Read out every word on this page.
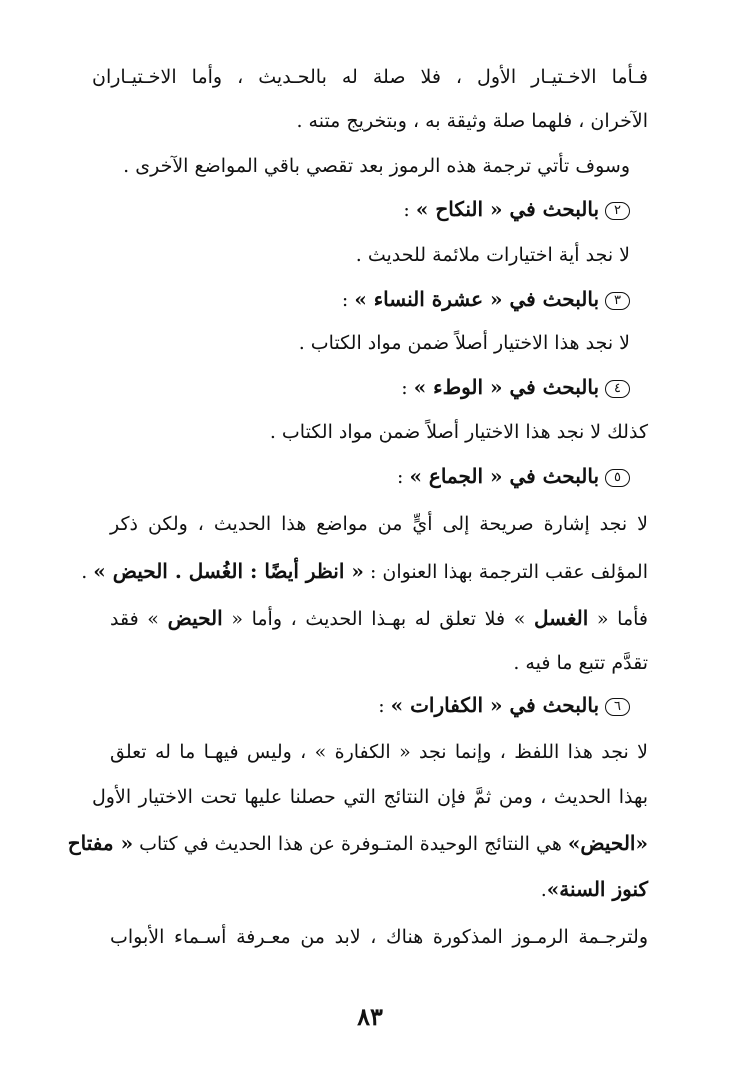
فـأما الاخـتيـار الأول ، فلا صلة له بالحـديث ، وأما الاخـتيـاران
الآخران ، فلهما صلة وثيقة به ، وبتخريج متنه .
وسوف تأتي ترجمة هذه الرموز بعد تقصي باقي المواضع الآخرى .
٢بالبحث في « النكاح » :
لا نجد أية اختيارات ملائمة للحديث .
٣بالبحث في « عشرة النساء » :
لا نجد هذا الاختيار أصلاً ضمن مواد الكتاب .
٤بالبحث في « الوطء » :
كذلك لا نجد هذا الاختيار أصلاً ضمن مواد الكتاب .
٥بالبحث في « الجماع » :
لا نجد إشارة صريحة إلى أيٍّ من مواضع هذا الحديث ، ولكن ذكر
المؤلف عقب الترجمة بهذا العنوان : « انظر أيضًا : الغُسل . الحيض » .
فأما « الغسل » فلا تعلق له بهـذا الحديث ، وأما « الحيض » فقد
تقدَّم تتبع ما فيه .
٦بالبحث في « الكفارات » :
لا نجد هذا اللفظ ، وإنما نجد « الكفارة » ، وليس فيهـا ما له تعلق
بهذا الحديث ، ومن ثمَّ فإن النتائج التي حصلنا عليها تحت الاختيار الأول
«الحيض» هي النتائج الوحيدة المتـوفرة عن هذا الحديث في كتاب « مفتاح
كنوز السنة».
ولترجـمة الرمـوز المذكورة هناك ، لابد من معـرفة أسـماء الأبواب
٨٣
